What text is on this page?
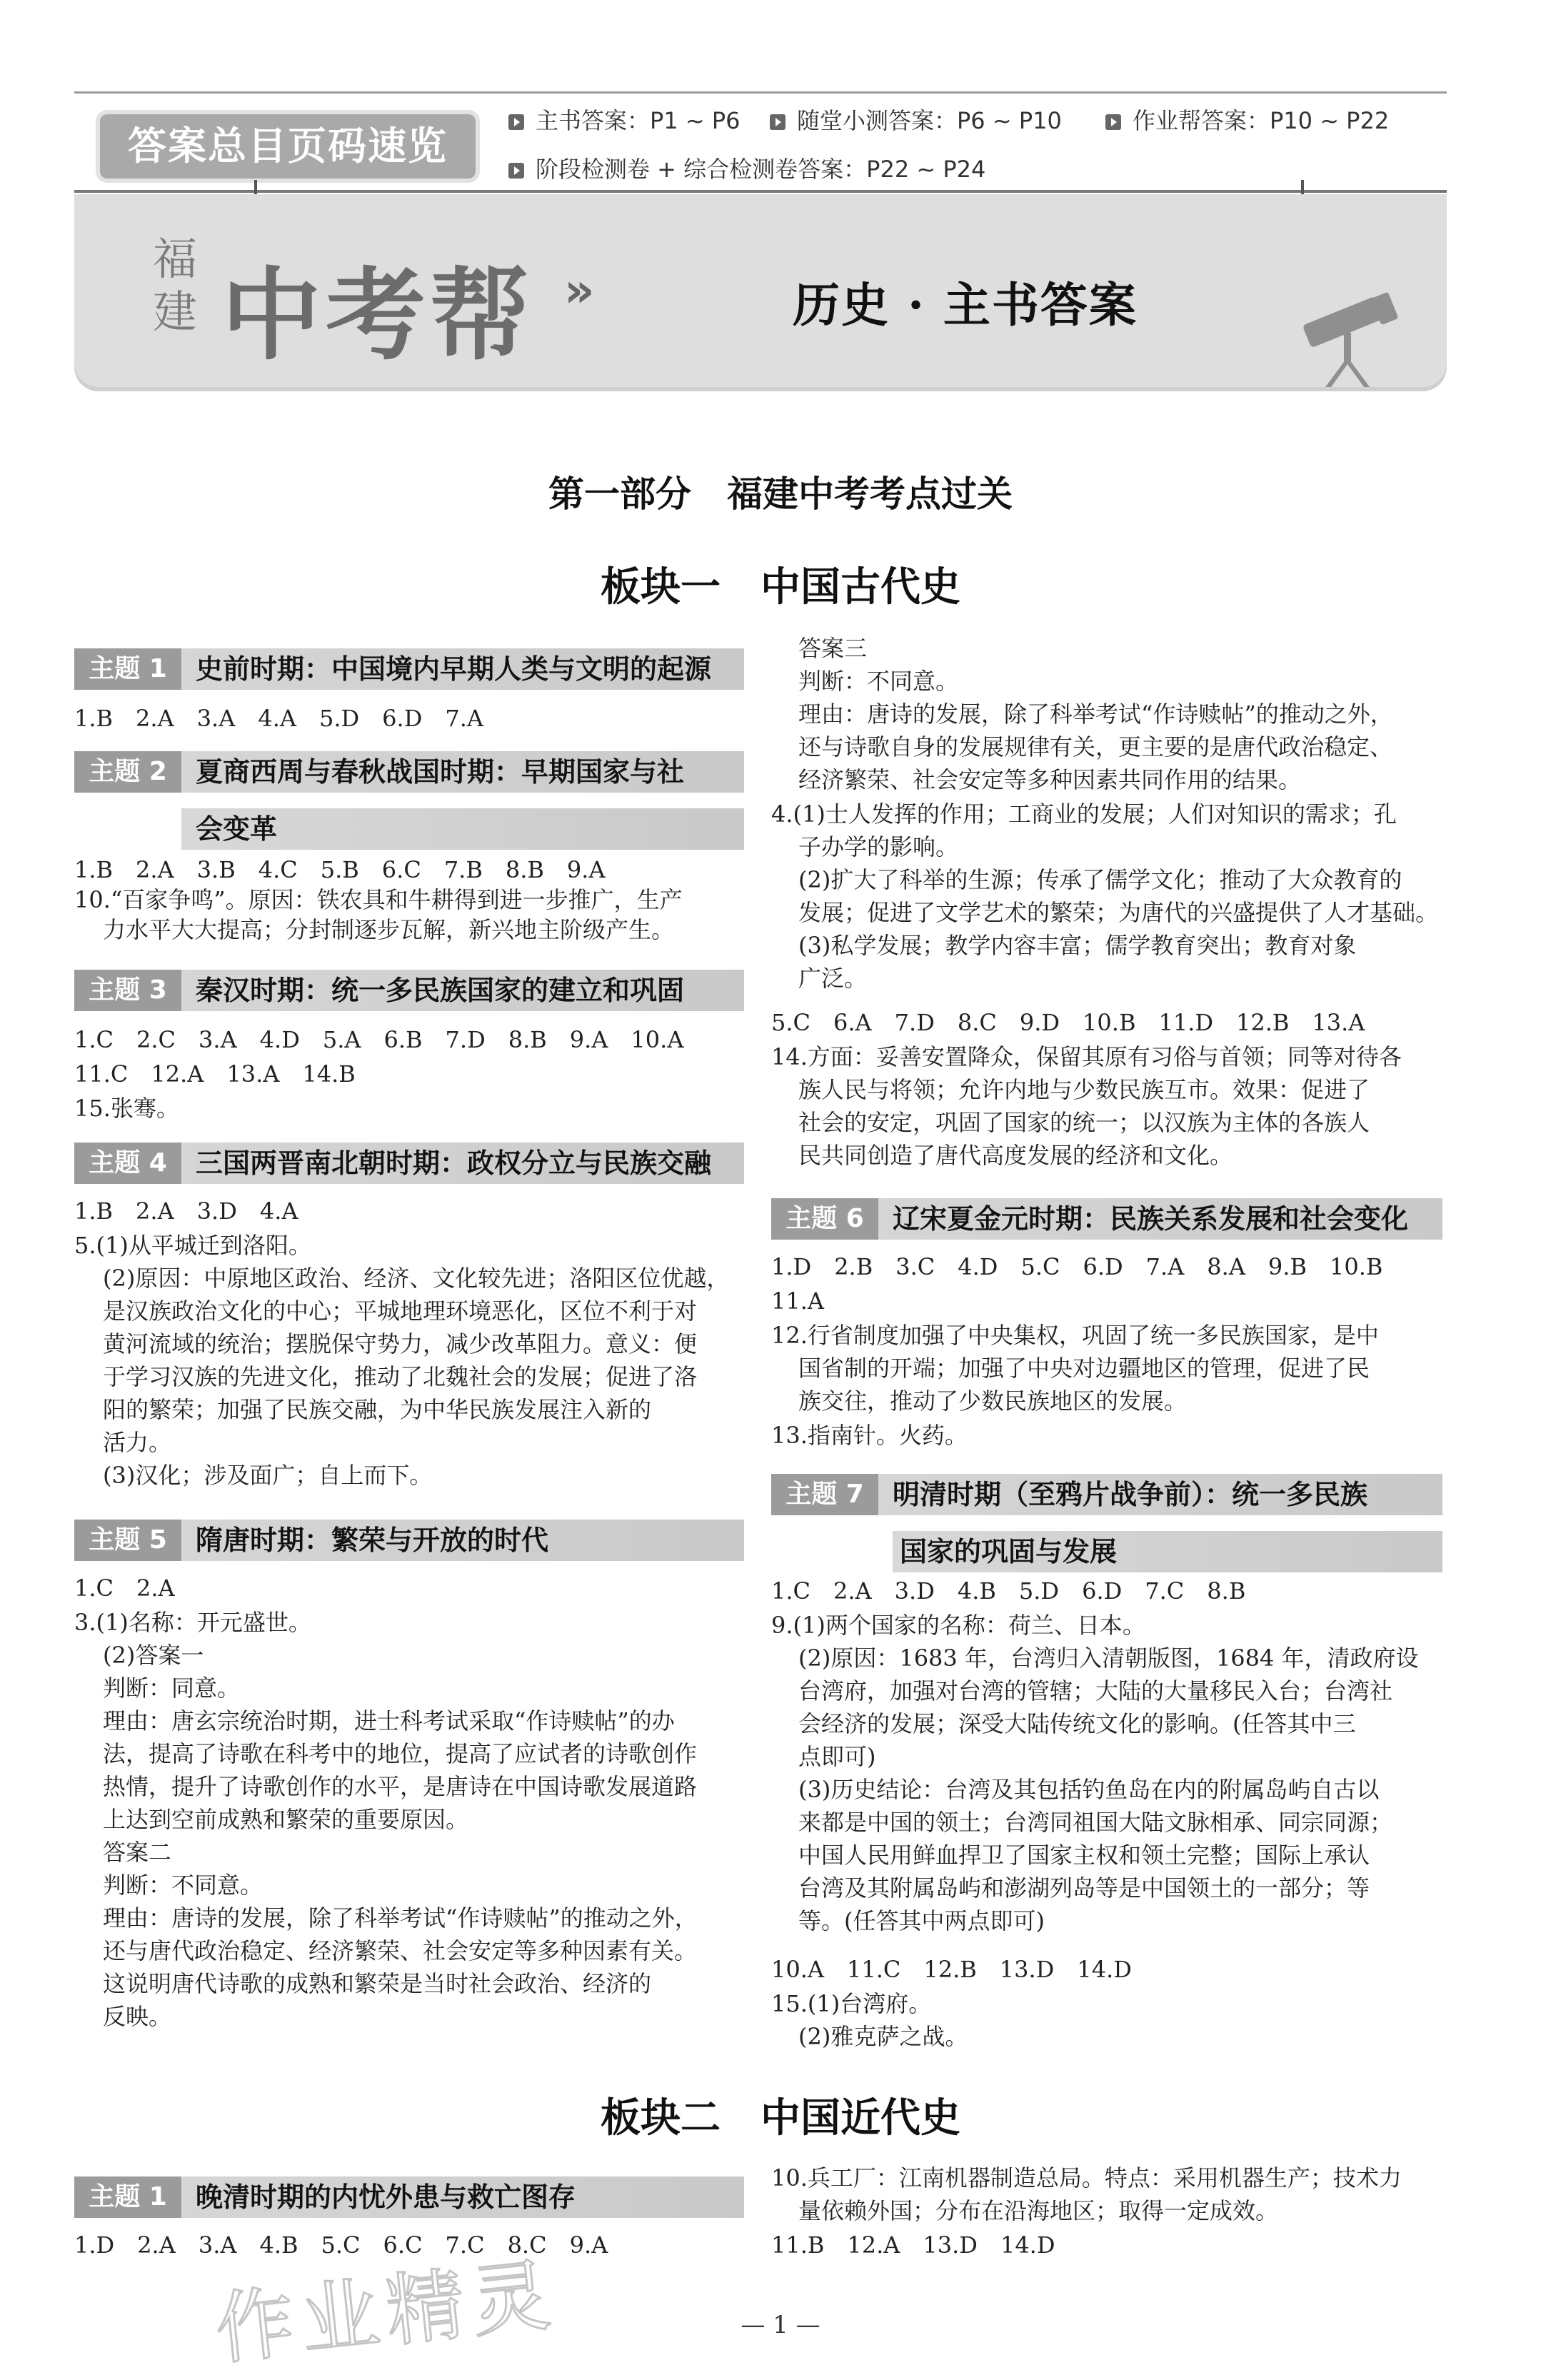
答案总目页码速览
主书答案：P1 ~ P6	随堂小测答案：P6 ~ P10	作业帮答案：P10 ~ P22
阶段检测卷 + 综合检测卷答案：P22 ~ P24
福
建 中考帮 »	历史 · 主书答案
第一部分　福建中考考点过关
板块一　中国古代史
主题 1	史前时期：中国境内早期人类与文明的起源
主题 2	夏商西周与春秋战国时期：早期国家与社
会变革
主题 3	秦汉时期：统一多民族国家的建立和巩固
主题 4	三国两晋南北朝时期：政权分立与民族交融
主题 5	隋唐时期：繁荣与开放的时代
主题 6	辽宋夏金元时期：民族关系发展和社会变化
主题 7	明清时期（至鸦片战争前）：统一多民族
国家的巩固与发展
1.B　2.A　3.A　4.A　5.D　6.D　7.A
1.B　2.A　3.B　4.C　5.B　6.C　7.B　8.B　9.A
10.“百家争鸣”。原因：铁农具和牛耕得到进一步推广，生产
力水平大大提高；分封制逐步瓦解，新兴地主阶级产生。
1.C　2.C　3.A　4.D　5.A　6.B　7.D　8.B　9.A　10.A
11.C　12.A　13.A　14.B
15.张骞。
1.B　2.A　3.D　4.A
5.(1)从平城迁到洛阳。
(2)原因：中原地区政治、经济、文化较先进；洛阳区位优越，
是汉族政治文化的中心；平城地理环境恶化，区位不利于对
黄河流域的统治；摆脱保守势力，减少改革阻力。意义：便
于学习汉族的先进文化，推动了北魏社会的发展；促进了洛
阳的繁荣；加强了民族交融，为中华民族发展注入新的
活力。
(3)汉化；涉及面广；自上而下。
1.C　2.A
3.(1)名称：开元盛世。
(2)答案一
判断：同意。
理由：唐玄宗统治时期，进士科考试采取“作诗赎帖”的办
法，提高了诗歌在科考中的地位，提高了应试者的诗歌创作
热情，提升了诗歌创作的水平，是唐诗在中国诗歌发展道路
上达到空前成熟和繁荣的重要原因。
答案二
判断：不同意。
理由：唐诗的发展，除了科举考试“作诗赎帖”的推动之外，
还与唐代政治稳定、经济繁荣、社会安定等多种因素有关。
这说明唐代诗歌的成熟和繁荣是当时社会政治、经济的
反映。
答案三
判断：不同意。
理由：唐诗的发展，除了科举考试“作诗赎帖”的推动之外，
还与诗歌自身的发展规律有关，更主要的是唐代政治稳定、
经济繁荣、社会安定等多种因素共同作用的结果。
4.(1)士人发挥的作用；工商业的发展；人们对知识的需求；孔
子办学的影响。
(2)扩大了科举的生源；传承了儒学文化；推动了大众教育的
发展；促进了文学艺术的繁荣；为唐代的兴盛提供了人才基础。
(3)私学发展；教学内容丰富；儒学教育突出；教育对象
广泛。
5.C　6.A　7.D　8.C　9.D　10.B　11.D　12.B　13.A
14.方面：妥善安置降众，保留其原有习俗与首领；同等对待各
族人民与将领；允许内地与少数民族互市。效果：促进了
社会的安定，巩固了国家的统一；以汉族为主体的各族人
民共同创造了唐代高度发展的经济和文化。
1.D　2.B　3.C　4.D　5.C　6.D　7.A　8.A　9.B　10.B
11.A
12.行省制度加强了中央集权，巩固了统一多民族国家，是中
国省制的开端；加强了中央对边疆地区的管理，促进了民
族交往，推动了少数民族地区的发展。
13.指南针。火药。
1.C　2.A　3.D　4.B　5.D　6.D　7.C　8.B
9.(1)两个国家的名称：荷兰、日本。
(2)原因：1683 年，台湾归入清朝版图，1684 年，清政府设
台湾府，加强对台湾的管辖；大陆的大量移民入台；台湾社
会经济的发展；深受大陆传统文化的影响。(任答其中三
点即可)
(3)历史结论：台湾及其包括钓鱼岛在内的附属岛屿自古以
来都是中国的领土；台湾同祖国大陆文脉相承、同宗同源；
中国人民用鲜血捍卫了国家主权和领土完整；国际上承认
台湾及其附属岛屿和澎湖列岛等是中国领土的一部分；等
等。(任答其中两点即可)
10.A　11.C　12.B　13.D　14.D
15.(1)台湾府。
(2)雅克萨之战。
板块二　中国近代史
主题 1	晚清时期的内忧外患与救亡图存
1.D　2.A　3.A　4.B　5.C　6.C　7.C　8.C　9.A
10.兵工厂：江南机器制造总局。特点：采用机器生产；技术力
量依赖外国；分布在沿海地区；取得一定成效。
11.B　12.A　13.D　14.D
作业精灵	— 1 —
